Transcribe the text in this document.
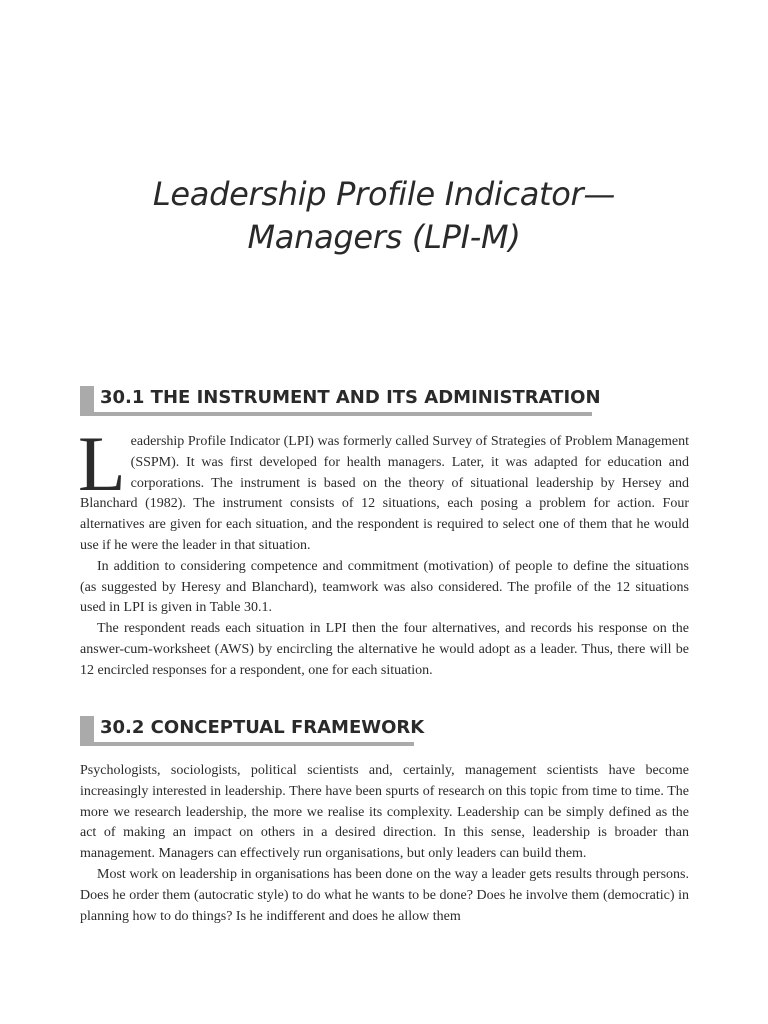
Leadership Profile Indicator—
Managers (LPI-M)
30.1 THE INSTRUMENT AND ITS ADMINISTRATION

Leadership Profile Indicator (LPI) was formerly called Survey of Strategies of Problem Management (SSPM). It was first developed for health managers. Later, it was adapted for education and corporations. The instrument is based on the theory of situational leadership by Hersey and Blanchard (1982). The instrument consists of 12 situations, each posing a problem for action. Four alternatives are given for each situation, and the respondent is required to select one of them that he would use if he were the leader in that situation.

In addition to considering competence and commitment (motivation) of people to define the situations (as suggested by Heresy and Blanchard), teamwork was also considered. The profile of the 12 situations used in LPI is given in Table 30.1.

The respondent reads each situation in LPI then the four alternatives, and records his response on the answer-cum-worksheet (AWS) by encircling the alternative he would adopt as a leader. Thus, there will be 12 encircled responses for a respondent, one for each situation.

30.2 CONCEPTUAL FRAMEWORK

Psychologists, sociologists, political scientists and, certainly, management scientists have become increasingly interested in leadership. There have been spurts of research on this topic from time to time. The more we research leadership, the more we realise its complexity. Leadership can be simply defined as the act of making an impact on others in a desired direction. In this sense, leadership is broader than management. Managers can effectively run organisations, but only leaders can build them.

Most work on leadership in organisations has been done on the way a leader gets results through persons. Does he order them (autocratic style) to do what he wants to be done? Does he involve them (democratic) in planning how to do things? Is he indifferent and does he allow them
